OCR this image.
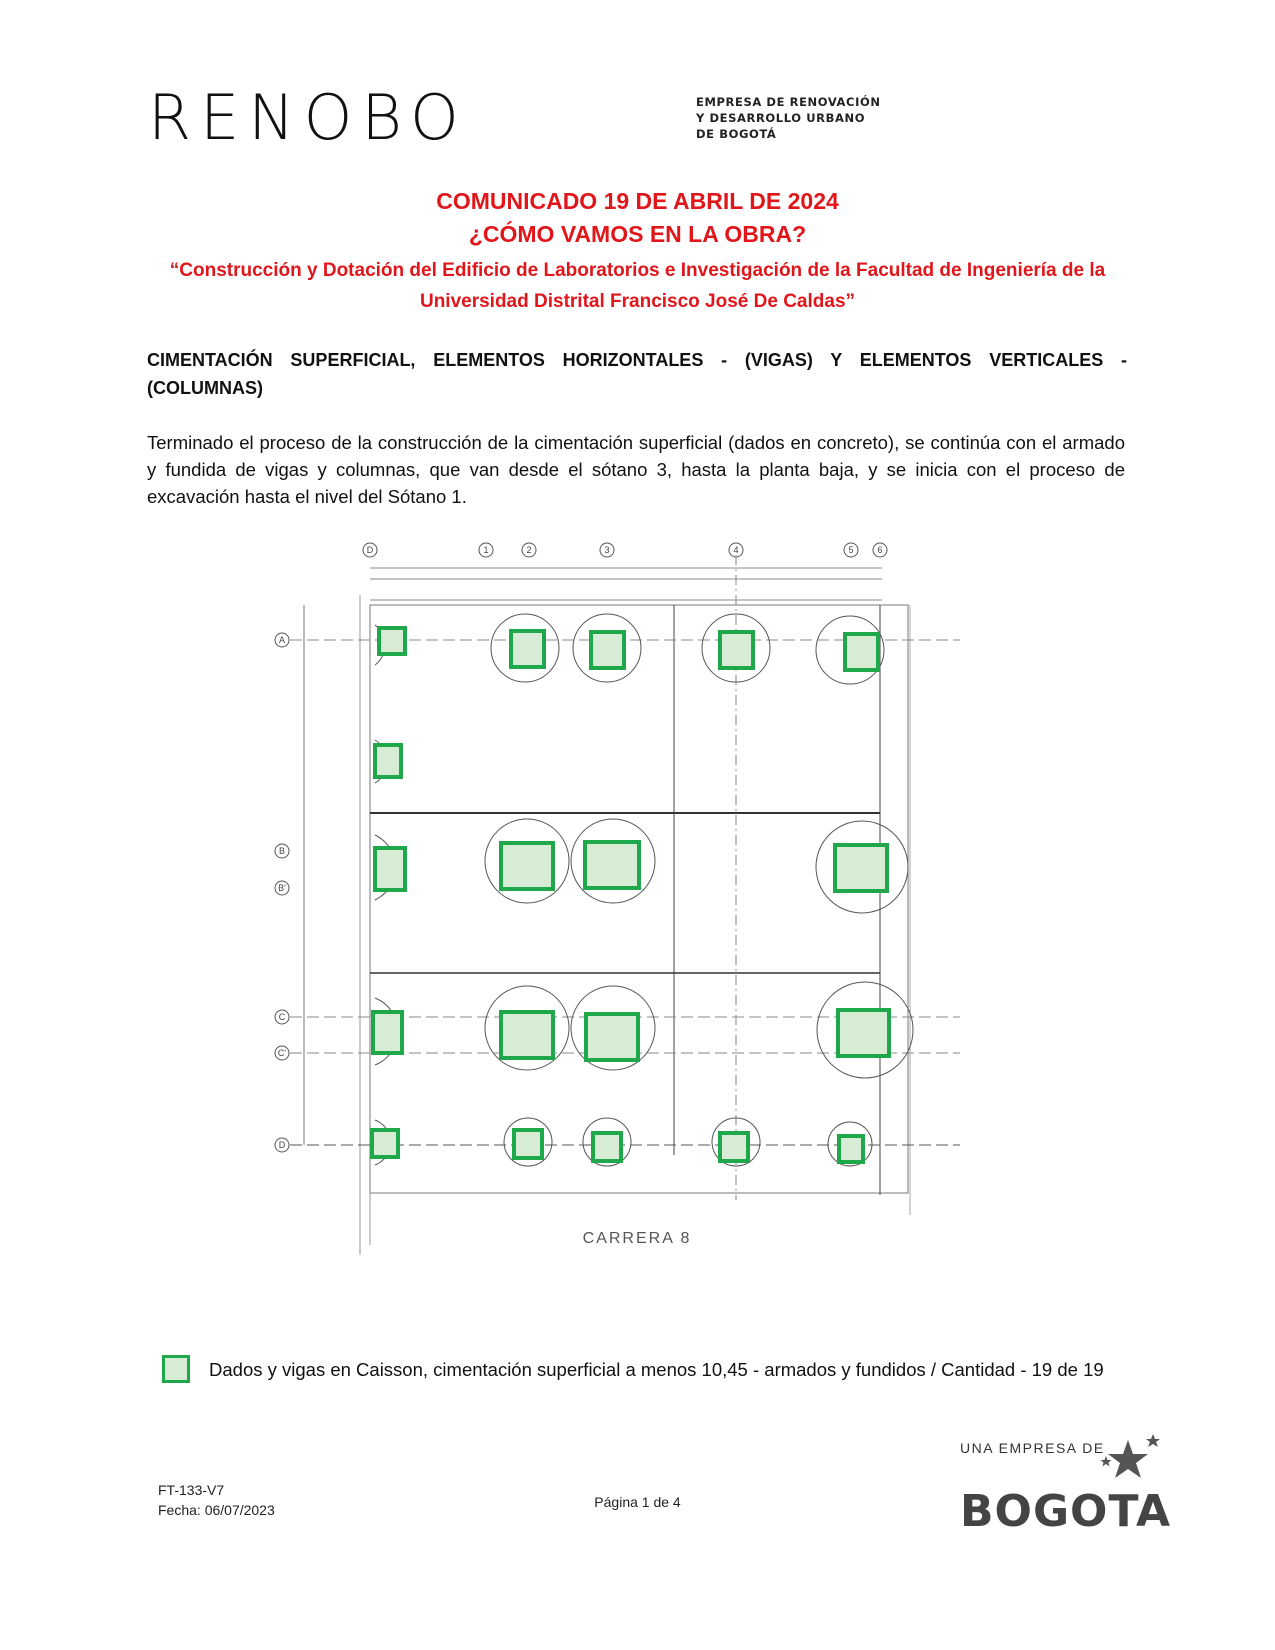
RENOBO	EMPRESA DE RENOVACIÓN
Y DESARROLLO URBANO
DE BOGOTÁ
COMUNICADO 19 DE ABRIL DE 2024
¿CÓMO VAMOS EN LA OBRA?
“Construcción y Dotación del Edificio de Laboratorios e Investigación de la Facultad de Ingeniería de la
Universidad Distrital Francisco José De Caldas”
CIMENTACIÓN SUPERFICIAL, ELEMENTOS HORIZONTALES - (VIGAS) Y ELEMENTOS VERTICALES - (COLUMNAS)
Terminado el proceso de la construcción de la cimentación superficial (dados en concreto), se continúa con el armado y fundida de vigas y columnas, que van desde el sótano 3, hasta la planta baja, y se inicia con el proceso de excavación hasta el nivel del Sótano 1.
D	1	2	3	4	5	6
A
B
B'
C
C'
D
CARRERA 8
Dados y vigas en Caisson, cimentación superficial a menos 10,45 - armados y fundidos / Cantidad - 19 de 19
FT-133-V7
Fecha: 06/07/2023	Página 1 de 4
UNA EMPRESA DE
BOGOTA
